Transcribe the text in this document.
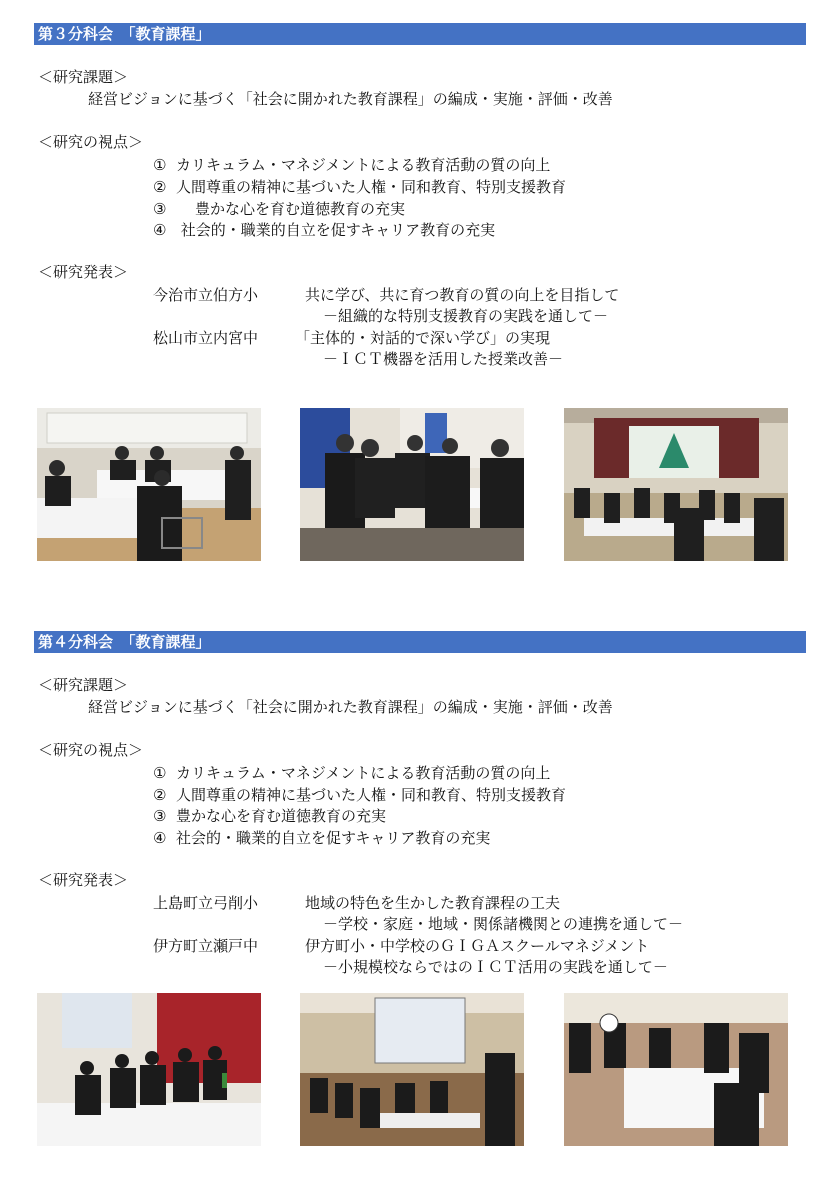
第３分科会　「教育課程」
＜研究課題＞
経営ビジョンに基づく「社会に開かれた教育課程」の編成・実施・評価・改善
＜研究の視点＞
①  カリキュラム・マネジメントによる教育活動の質の向上
②  人間尊重の精神に基づいた人権・同和教育、特別支援教育
③      豊かな心を育む道徳教育の充実
④   社会的・職業的自立を促すキャリア教育の充実
＜研究発表＞
今治市立伯方小	共に学び、共に育つ教育の質の向上を目指して
－組織的な特別支援教育の実践を通して－
松山市立内宮中 「主体的・対話的で深い学び」の実現
－ＩＣＴ機器を活用した授業改善－
第４分科会　「教育課程」
＜研究課題＞
経営ビジョンに基づく「社会に開かれた教育課程」の編成・実施・評価・改善
＜研究の視点＞
①  カリキュラム・マネジメントによる教育活動の質の向上
②  人間尊重の精神に基づいた人権・同和教育、特別支援教育
③  豊かな心を育む道徳教育の充実
④  社会的・職業的自立を促すキャリア教育の充実
＜研究発表＞
上島町立弓削小	地域の特色を生かした教育課程の工夫
－学校・家庭・地域・関係諸機関との連携を通して－
伊方町立瀬戸中	伊方町小・中学校のＧＩＧＡスクールマネジメント
－小規模校ならではのＩＣＴ活用の実践を通して－
